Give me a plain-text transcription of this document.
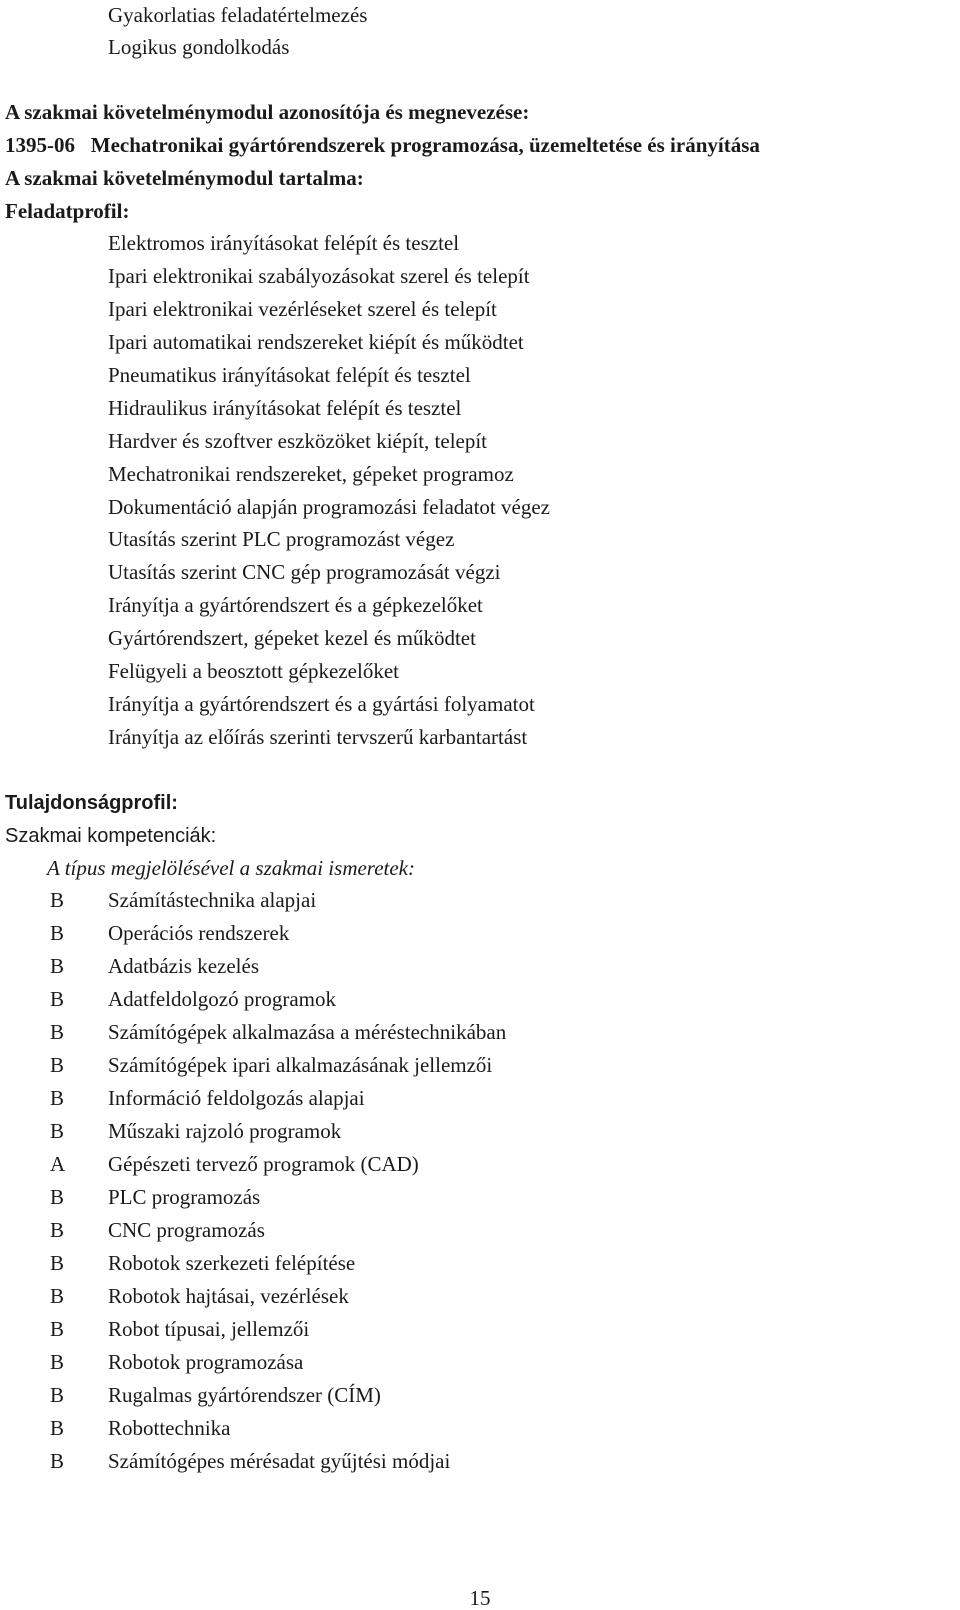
Gyakorlatias feladatértelmezés
Logikus gondolkodás
A szakmai követelménymodul azonosítója és megnevezése:
1395-06   Mechatronikai gyártórendszerek programozása, üzemeltetése és irányítása
A szakmai követelménymodul tartalma:
Feladatprofil:
Elektromos irányításokat felépít és tesztel
Ipari elektronikai szabályozásokat szerel és telepít
Ipari elektronikai vezérléseket szerel és telepít
Ipari automatikai rendszereket kiépít és működtet
Pneumatikus irányításokat felépít és tesztel
Hidraulikus irányításokat felépít és tesztel
Hardver és szoftver eszközöket kiépít, telepít
Mechatronikai rendszereket, gépeket programoz
Dokumentáció alapján programozási feladatot végez
Utasítás szerint PLC programozást végez
Utasítás szerint CNC gép programozását végzi
Irányítja a gyártórendszert és a gépkezelőket
Gyártórendszert, gépeket kezel és működtet
Felügyeli a beosztott gépkezelőket
Irányítja a gyártórendszert és a gyártási folyamatot
Irányítja az előírás szerinti tervszerű karbantartást
Tulajdonságprofil:
Szakmai kompetenciák:
A típus megjelölésével a szakmai ismeretek:
B Számítástechnika alapjai
B Operációs rendszerek
B Adatbázis kezelés
B Adatfeldolgozó programok
B Számítógépek alkalmazása a méréstechnikában
B Számítógépek ipari alkalmazásának jellemzői
B Információ feldolgozás alapjai
B Műszaki rajzoló programok
A Gépészeti tervező programok (CAD)
B PLC programozás
B CNC programozás
B Robotok szerkezeti felépítése
B Robotok hajtásai, vezérlések
B Robot típusai, jellemzői
B Robotok programozása
B Rugalmas gyártórendszer (CÍM)
B Robottechnika
B Számítógépes mérésadat gyűjtési módjai
15
